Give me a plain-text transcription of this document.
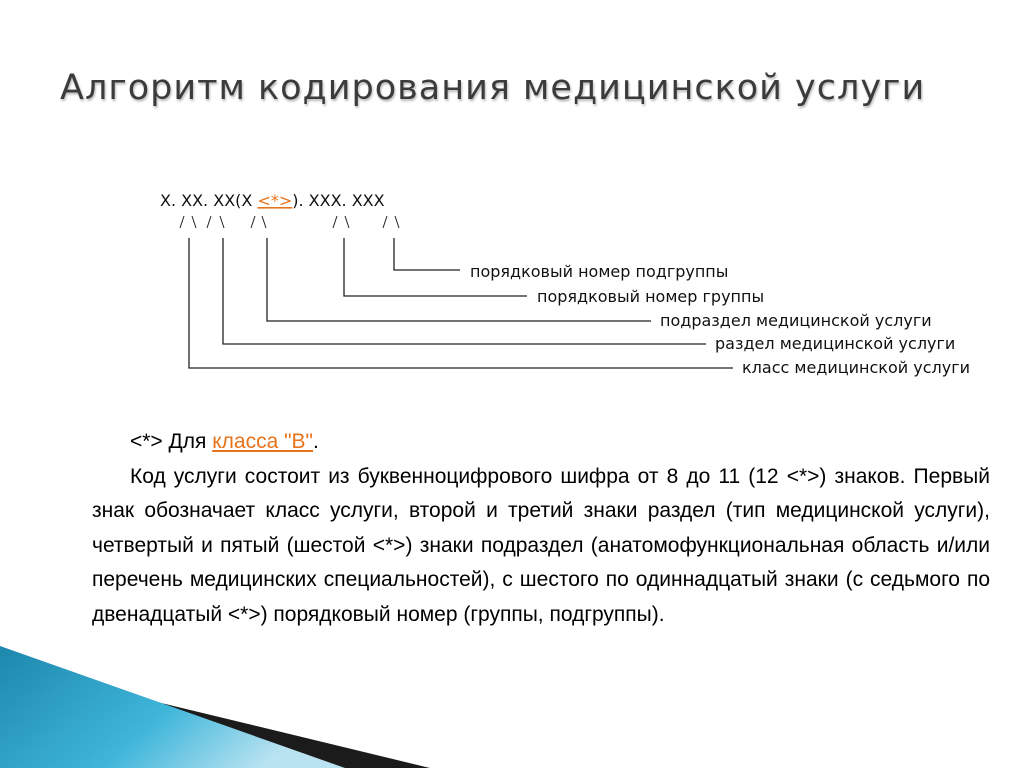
Алгоритм кодирования медицинской услуги
X. XX. XX(X <*>). XXX. XXX
порядковый номер подгруппы
порядковый номер группы
подраздел медицинской услуги
раздел медицинской услуги
класс медицинской услуги

<*> Для класса "B".

Код услуги состоит из буквенноцифрового шифра от 8 до 11 (12 <*>) знаков. Первый знак обозначает класс услуги, второй и третий знаки раздел (тип медицинской услуги), четвертый и пятый (шестой <*>) знаки подраздел (анатомофункциональная область и/или перечень медицинских специальностей), с шестого по одиннадцатый знаки (с седьмого по двенадцатый <*>) порядковый номер (группы, подгруппы).
